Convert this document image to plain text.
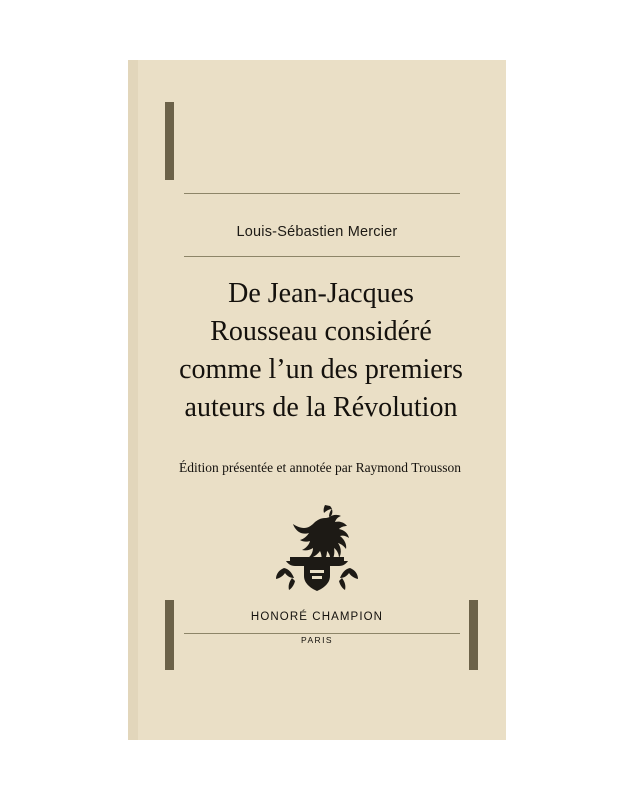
Louis-Sébastien Mercier
De Jean-Jacques
Rousseau considéré
comme l’un des premiers
auteurs de la Révolution
Édition présentée et annotée par Raymond Trousson
HONORÉ CHAMPION
PARIS
